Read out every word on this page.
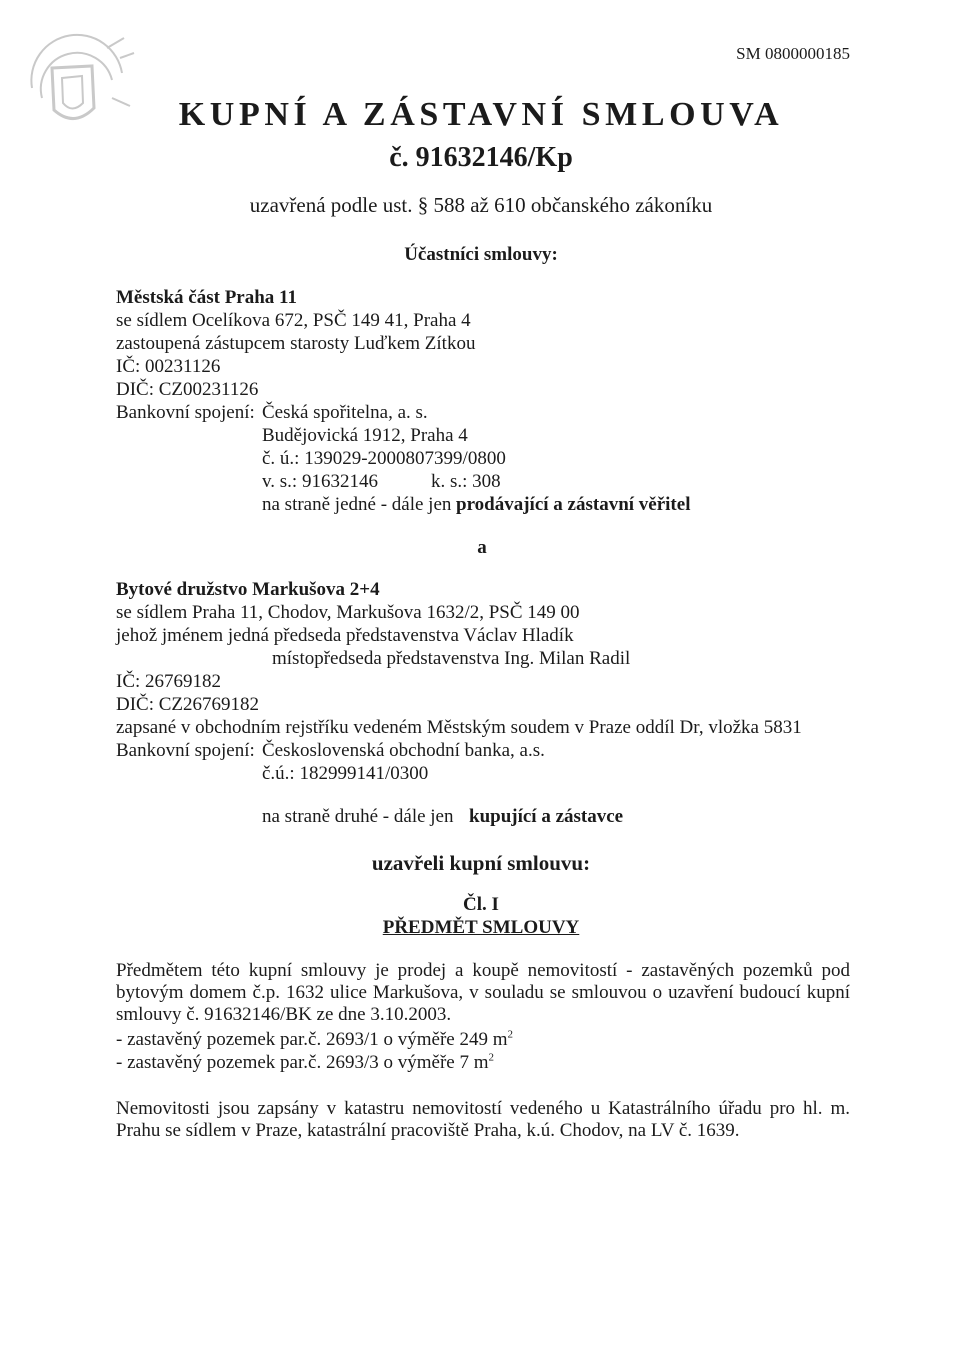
SM 0800000185
KUPNÍ A ZÁSTAVNÍ SMLOUVA
č. 91632146/Kp
uzavřená podle ust. § 588 až 610 občanského zákoníku
Účastníci smlouvy:
Městská část Praha 11
se sídlem Ocelíkova 672, PSČ 149 41, Praha 4
zastoupená zástupcem starosty Luďkem Zítkou
IČ: 00231126
DIČ: CZ00231126
Bankovní spojení: Česká spořitelna, a. s.
Budějovická 1912, Praha 4
č. ú.: 139029-2000807399/0800
v. s.: 91632146	k. s.: 308
na straně jedné - dále jen prodávající a zástavní věřitel
a
Bytové družstvo Markušova 2+4
se sídlem Praha 11, Chodov, Markušova 1632/2, PSČ 149 00
jehož jménem jedná předseda představenstva Václav Hladík
místopředseda představenstva Ing. Milan Radil
IČ: 26769182
DIČ: CZ26769182
zapsané v obchodním rejstříku vedeném Městským soudem v Praze oddíl Dr, vložka 5831
Bankovní spojení: Československá obchodní banka, a.s.
č.ú.: 182999141/0300
na straně druhé - dále jen kupující a zástavce
uzavřeli kupní smlouvu:
Čl. I
PŘEDMĚT SMLOUVY
Předmětem této kupní smlouvy je prodej a koupě nemovitostí - zastavěných pozemků pod bytovým domem č.p. 1632 ulice Markušova, v souladu se smlouvou o uzavření budoucí kupní smlouvy č. 91632146/BK ze dne 3.10.2003.
- zastavěný pozemek par.č. 2693/1 o výměře 249 $m^2$
- zastavěný pozemek par.č. 2693/3 o výměře 7 $m^2$
Nemovitosti jsou zapsány v katastru nemovitostí vedeného u Katastrálního úřadu pro hl. m. Prahu se sídlem v Praze, katastrální pracoviště Praha, k.ú. Chodov, na LV č. 1639.
